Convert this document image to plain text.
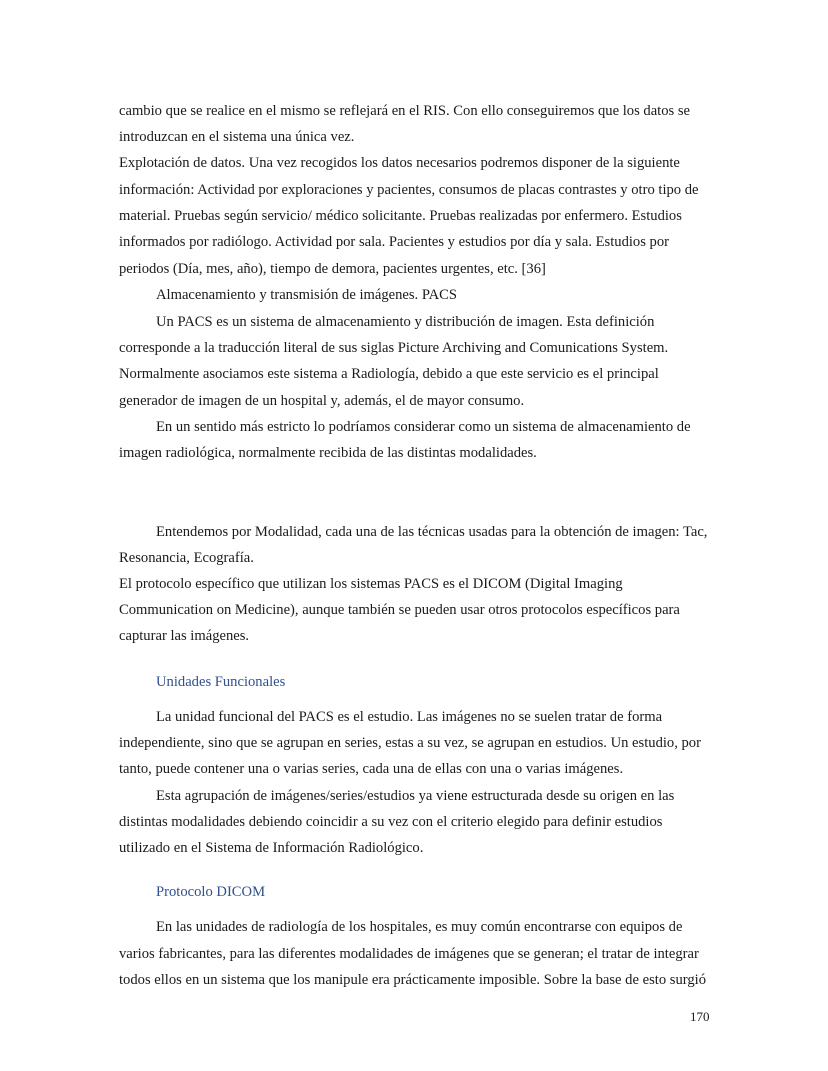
cambio que se realice en el mismo se reflejará en el RIS. Con ello conseguiremos que los datos se

introduzcan en el sistema una única vez.

Explotación de datos. Una vez recogidos los datos necesarios podremos disponer de la siguiente

información: Actividad por exploraciones y pacientes, consumos de placas contrastes y otro tipo de

material. Pruebas según servicio/ médico solicitante. Pruebas realizadas por enfermero. Estudios

informados por radiólogo. Actividad por sala. Pacientes y estudios por día y sala. Estudios por

periodos (Día, mes, año), tiempo de demora, pacientes urgentes, etc. [36]

Almacenamiento y transmisión de imágenes. PACS

Un PACS es un sistema de almacenamiento y distribución de imagen. Esta definición

corresponde a la traducción literal de sus siglas Picture Archiving and Comunications System.

Normalmente asociamos este sistema a Radiología, debido a que este servicio es el principal

generador de imagen de un hospital y, además, el de mayor consumo.

En un sentido más estricto lo podríamos considerar como un sistema de almacenamiento de

imagen radiológica, normalmente recibida de las distintas modalidades.

Entendemos por Modalidad, cada una de las técnicas usadas para la obtención de imagen: Tac,

Resonancia, Ecografía.

El protocolo específico que utilizan los sistemas PACS es el DICOM (Digital Imaging

Communication on Medicine), aunque también se pueden usar otros protocolos específicos para

capturar las imágenes.

Unidades Funcionales

La unidad funcional del PACS es el estudio. Las imágenes no se suelen tratar de forma

independiente, sino que se agrupan en series, estas a su vez, se agrupan en estudios. Un estudio, por

tanto, puede contener una o varias series, cada una de ellas con una o varias imágenes.

Esta agrupación de imágenes/series/estudios ya viene estructurada desde su origen en las

distintas modalidades debiendo coincidir a su vez con el criterio elegido para definir estudios

utilizado en el Sistema de Información Radiológico.

Protocolo DICOM

En las unidades de radiología de los hospitales, es muy común encontrarse con equipos de

varios fabricantes, para las diferentes modalidades de imágenes que se generan; el tratar de integrar

todos ellos en un sistema que los manipule era prácticamente imposible. Sobre la base de esto surgió

170
